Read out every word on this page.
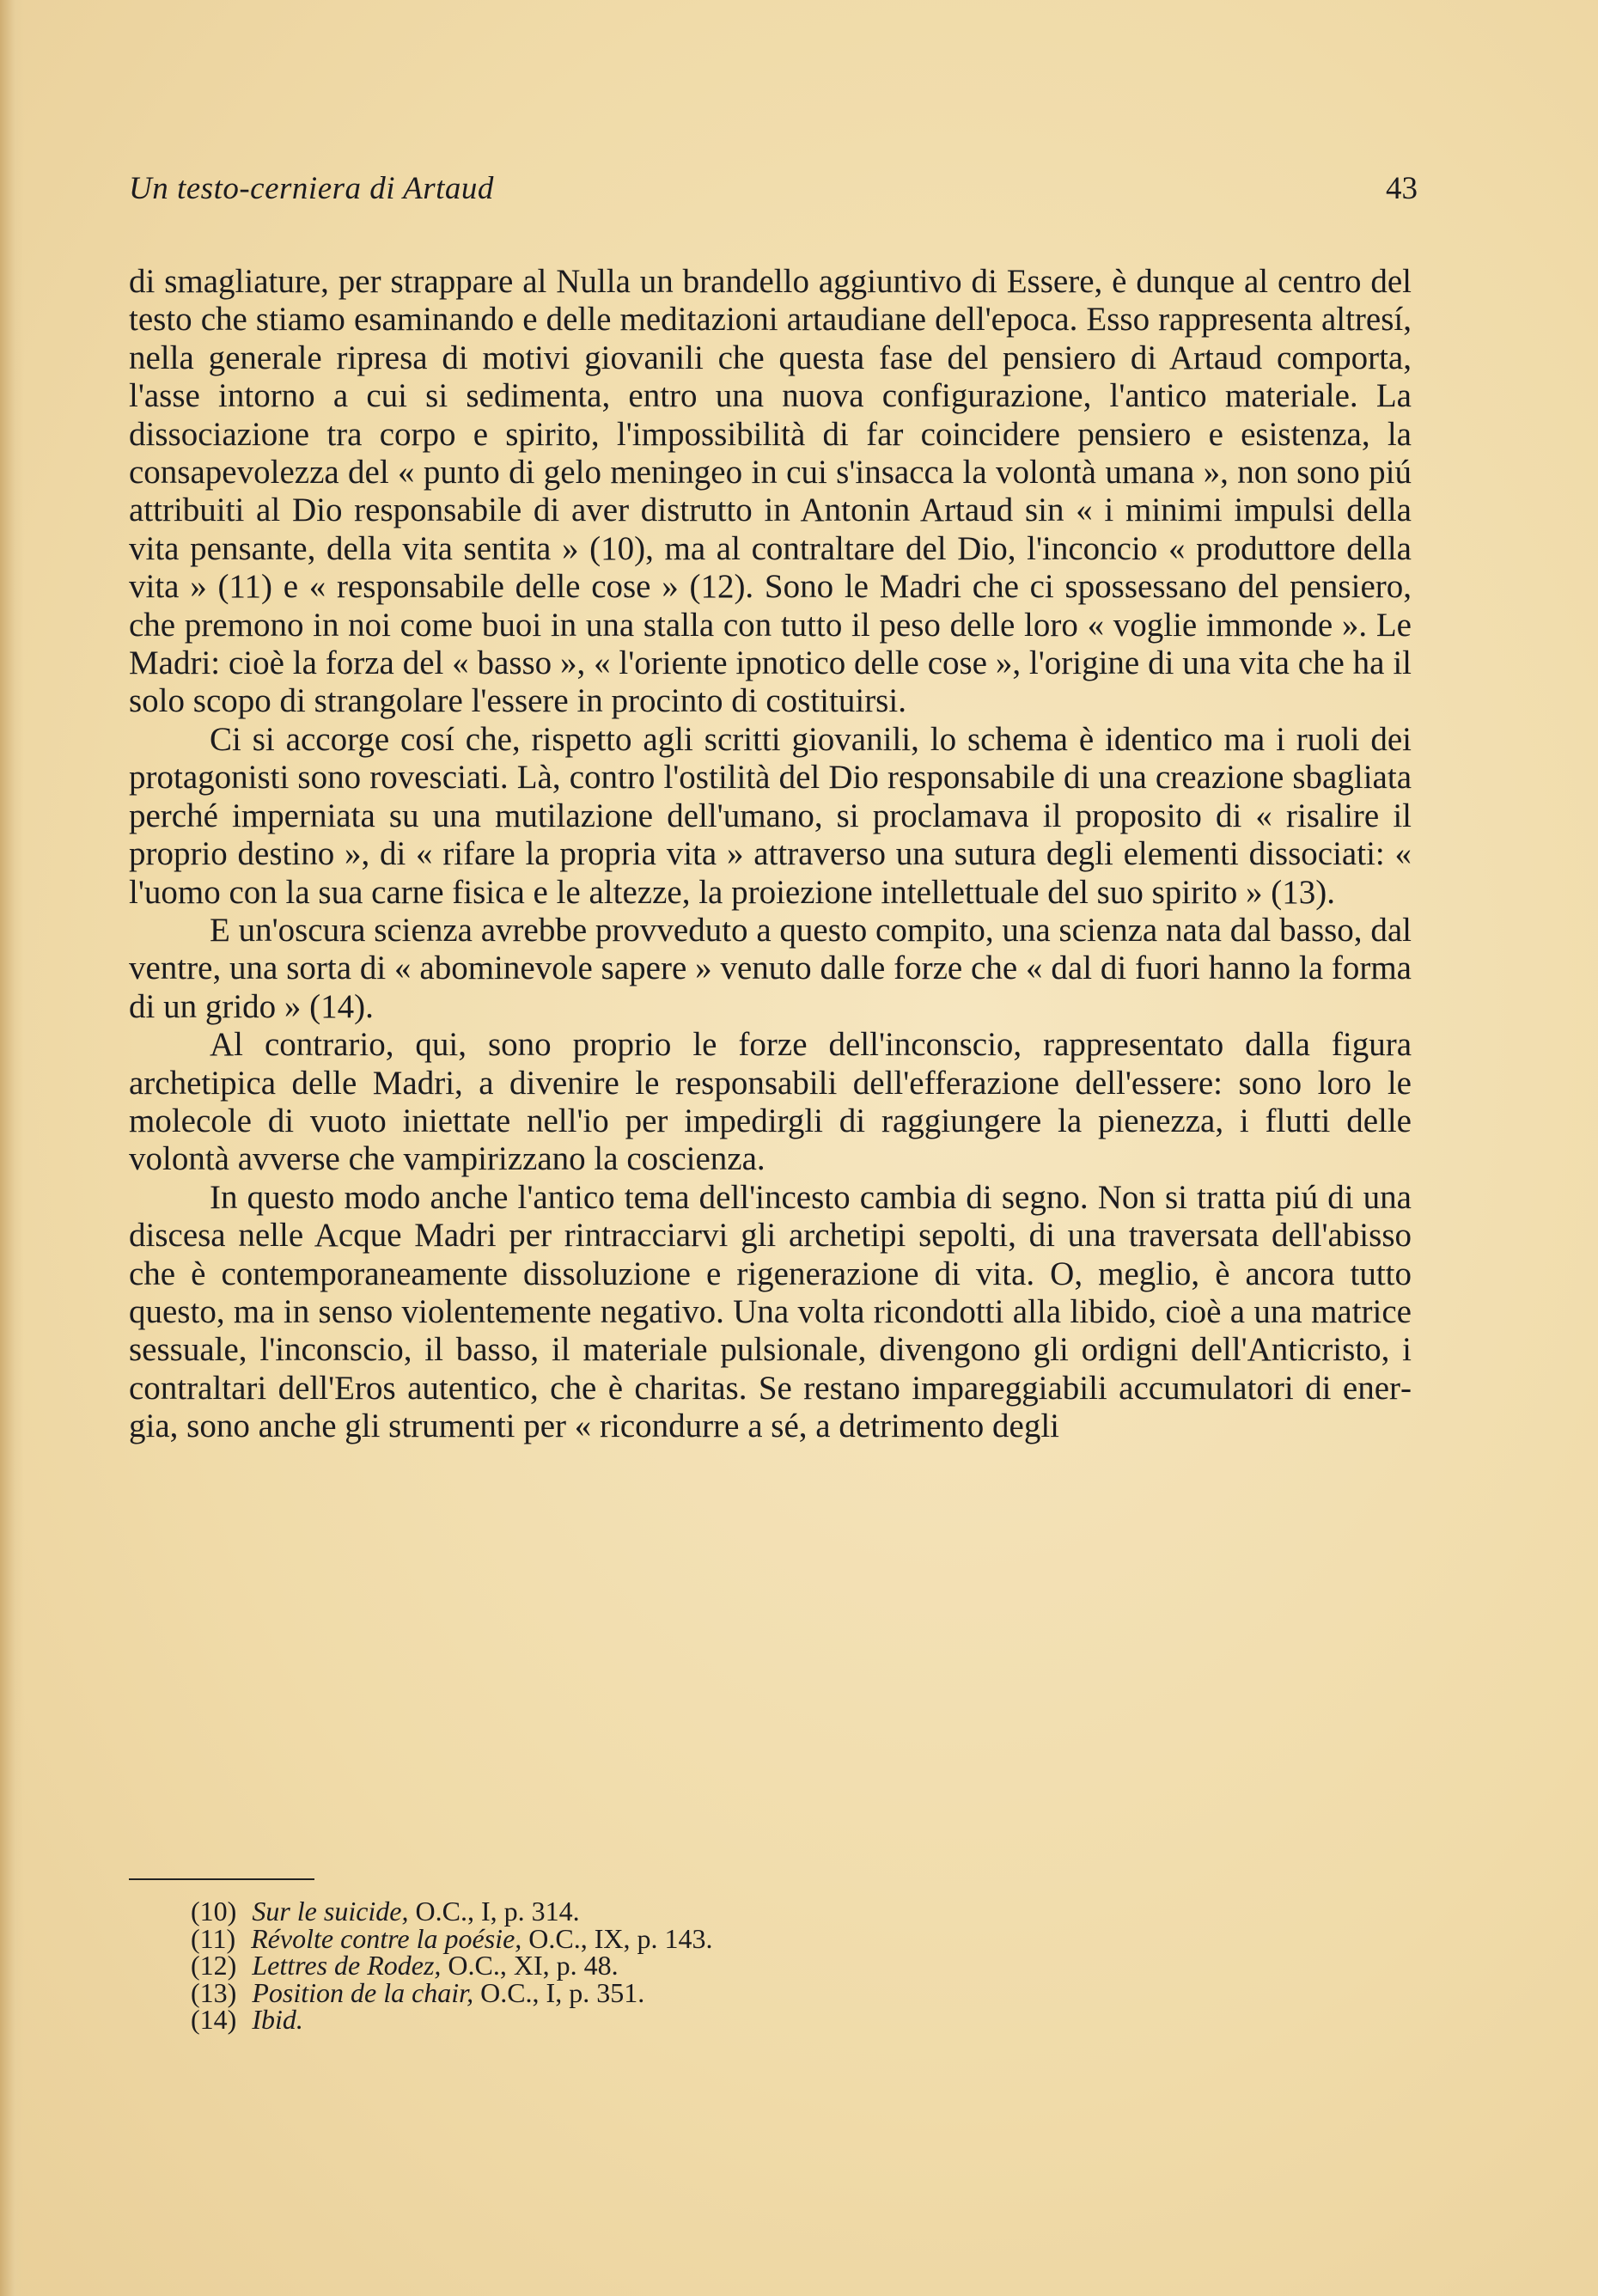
Un testo-cerniera di Artaud	43

di smagliature, per strappare al Nulla un brandello aggiuntivo di Essere, è dunque al centro del testo che stiamo esaminando e delle meditazioni artaudiane dell'epoca. Esso rappresenta altresí, nella generale ripresa di motivi giovanili che questa fase del pensiero di Artaud comporta, l'asse intorno a cui si sedimenta, entro una nuova configurazione, l'antico materiale. La dissociazione tra corpo e spirito, l'impossibilità di far coincidere pensiero e esistenza, la consapevolezza del « punto di gelo meningeo in cui s'insacca la volontà umana », non sono piú attribuiti al Dio responsabile di aver distrutto in Antonin Artaud sin « i minimi impulsi della vita pensante, della vita sentita » (10), ma al contraltare del Dio, l'inconcio « produttore della vita » (11) e « responsabile delle cose » (12). Sono le Madri che ci spossessano del pensiero, che premono in noi come buoi in una stalla con tutto il peso delle loro « voglie immonde ». Le Madri: cioè la forza del « basso », « l'oriente ipnotico delle cose », l'origine di una vita che ha il solo scopo di strangolare l'essere in procinto di costituirsi.

Ci si accorge cosí che, rispetto agli scritti giovanili, lo schema è identico ma i ruoli dei protagonisti sono rovesciati. Là, contro l'ostilità del Dio responsabile di una creazione sbagliata perché imperniata su una mutilazione dell'umano, si proclamava il proposito di « risalire il proprio destino », di « rifare la propria vita » attraverso una sutura degli elementi dissociati: « l'uomo con la sua carne fisica e le altezze, la proiezione intellettuale del suo spirito » (13).

E un'oscura scienza avrebbe provveduto a questo compito, una scienza nata dal basso, dal ventre, una sorta di « abominevole sapere » venuto dalle forze che « dal di fuori hanno la forma di un grido » (14).

Al contrario, qui, sono proprio le forze dell'inconscio, rappresentato dalla figura archetipica delle Madri, a divenire le responsabili dell'efferazione dell'essere: sono loro le molecole di vuoto iniettate nell'io per impedirgli di raggiungere la pienezza, i flutti delle volontà avverse che vampirizzano la coscienza.

In questo modo anche l'antico tema dell'incesto cambia di segno. Non si tratta piú di una discesa nelle Acque Madri per rintracciarvi gli archetipi sepolti, di una traversata dell'abisso che è contemporaneamente dissoluzione e rigenerazione di vita. O, meglio, è ancora tutto questo, ma in senso violentemente negativo. Una volta ricondotti alla libido, cioè a una matrice sessuale, l'inconscio, il basso, il materiale pulsionale, divengono gli ordigni dell'Anticristo, i contraltari dell'Eros autentico, che è charitas. Se restano impareggiabili accumulatori di energia, sono anche gli strumenti per « ricondurre a sé, a detrimento degli

(10) Sur le suicide, O.C., I, p. 314.
(11) Révolte contre la poésie, O.C., IX, p. 143.
(12) Lettres de Rodez, O.C., XI, p. 48.
(13) Position de la chair, O.C., I, p. 351.
(14) Ibid.
